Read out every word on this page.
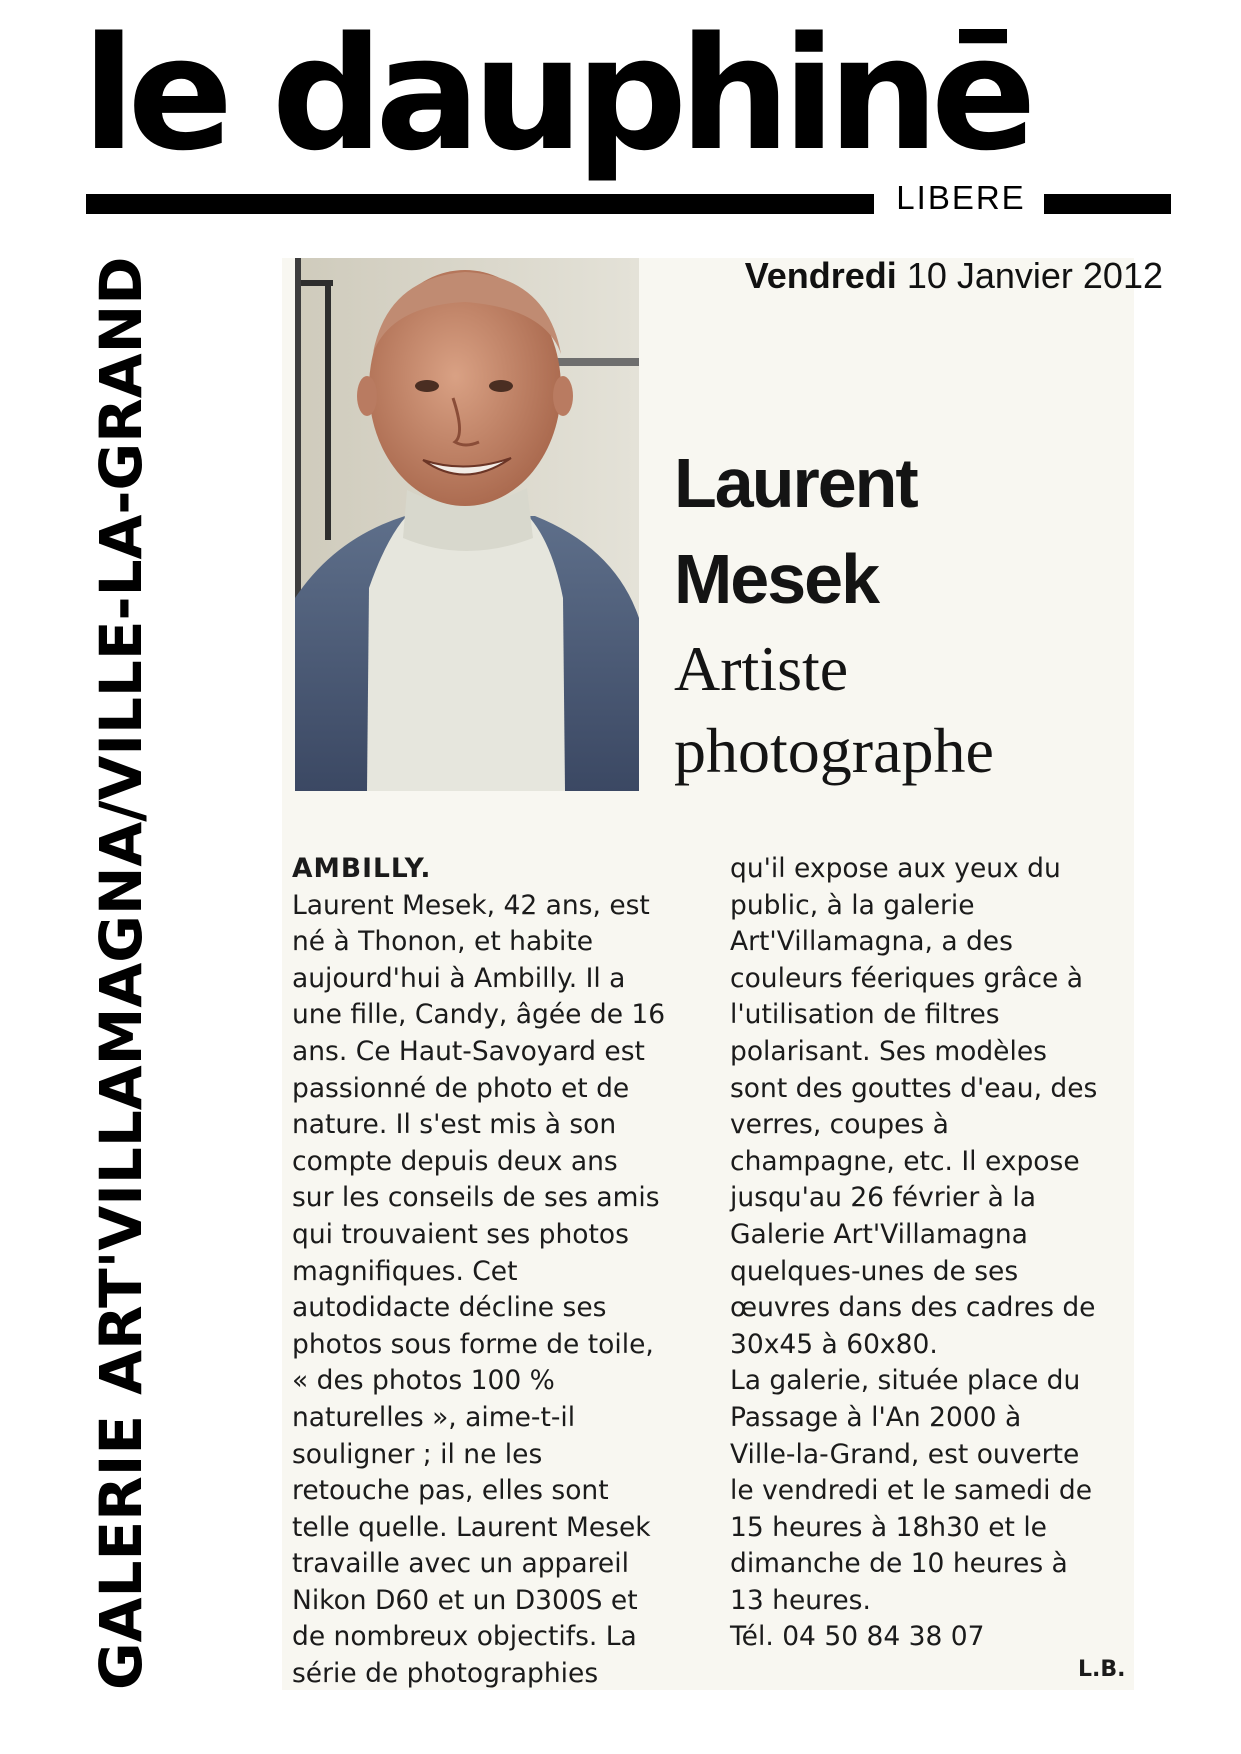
le dauphinē
LIBERE
GALERIE ART'VILLAMAGNA
/
VILLE-LA-GRAND	Vendredi 10 Janvier 2012
Laurent
Mesek
Artiste
photographe

AMBILLY.

Laurent Mesek, 42 ans, est

né à Thonon, et habite

aujourd'hui à Ambilly. Il a

une fille, Candy, âgée de 16

ans. Ce Haut-Savoyard est

passionné de photo et de

nature. Il s'est mis à son

compte depuis deux ans

sur les conseils de ses amis

qui trouvaient ses photos

magnifiques. Cet

autodidacte décline ses

photos sous forme de toile,

« des photos 100 %

naturelles », aime-t-il

souligner ; il ne les

retouche pas, elles sont

telle quelle. Laurent Mesek

travaille avec un appareil

Nikon D60 et un D300S et

de nombreux objectifs. La

série de photographies

qu'il expose aux yeux du

public, à la galerie

Art'Villamagna, a des

couleurs féeriques grâce à

l'utilisation de filtres

polarisant. Ses modèles

sont des gouttes d'eau, des

verres, coupes à

champagne, etc. Il expose

jusqu'au 26 février à la

Galerie Art'Villamagna

quelques-unes de ses

œuvres dans des cadres de

30x45 à 60x80.

La galerie, située place du

Passage à l'An 2000 à

Ville-la-Grand, est ouverte

le vendredi et le samedi de

15 heures à 18h30 et le

dimanche de 10 heures à

13 heures.

Tél. 04 50 84 38 07

L.B.
